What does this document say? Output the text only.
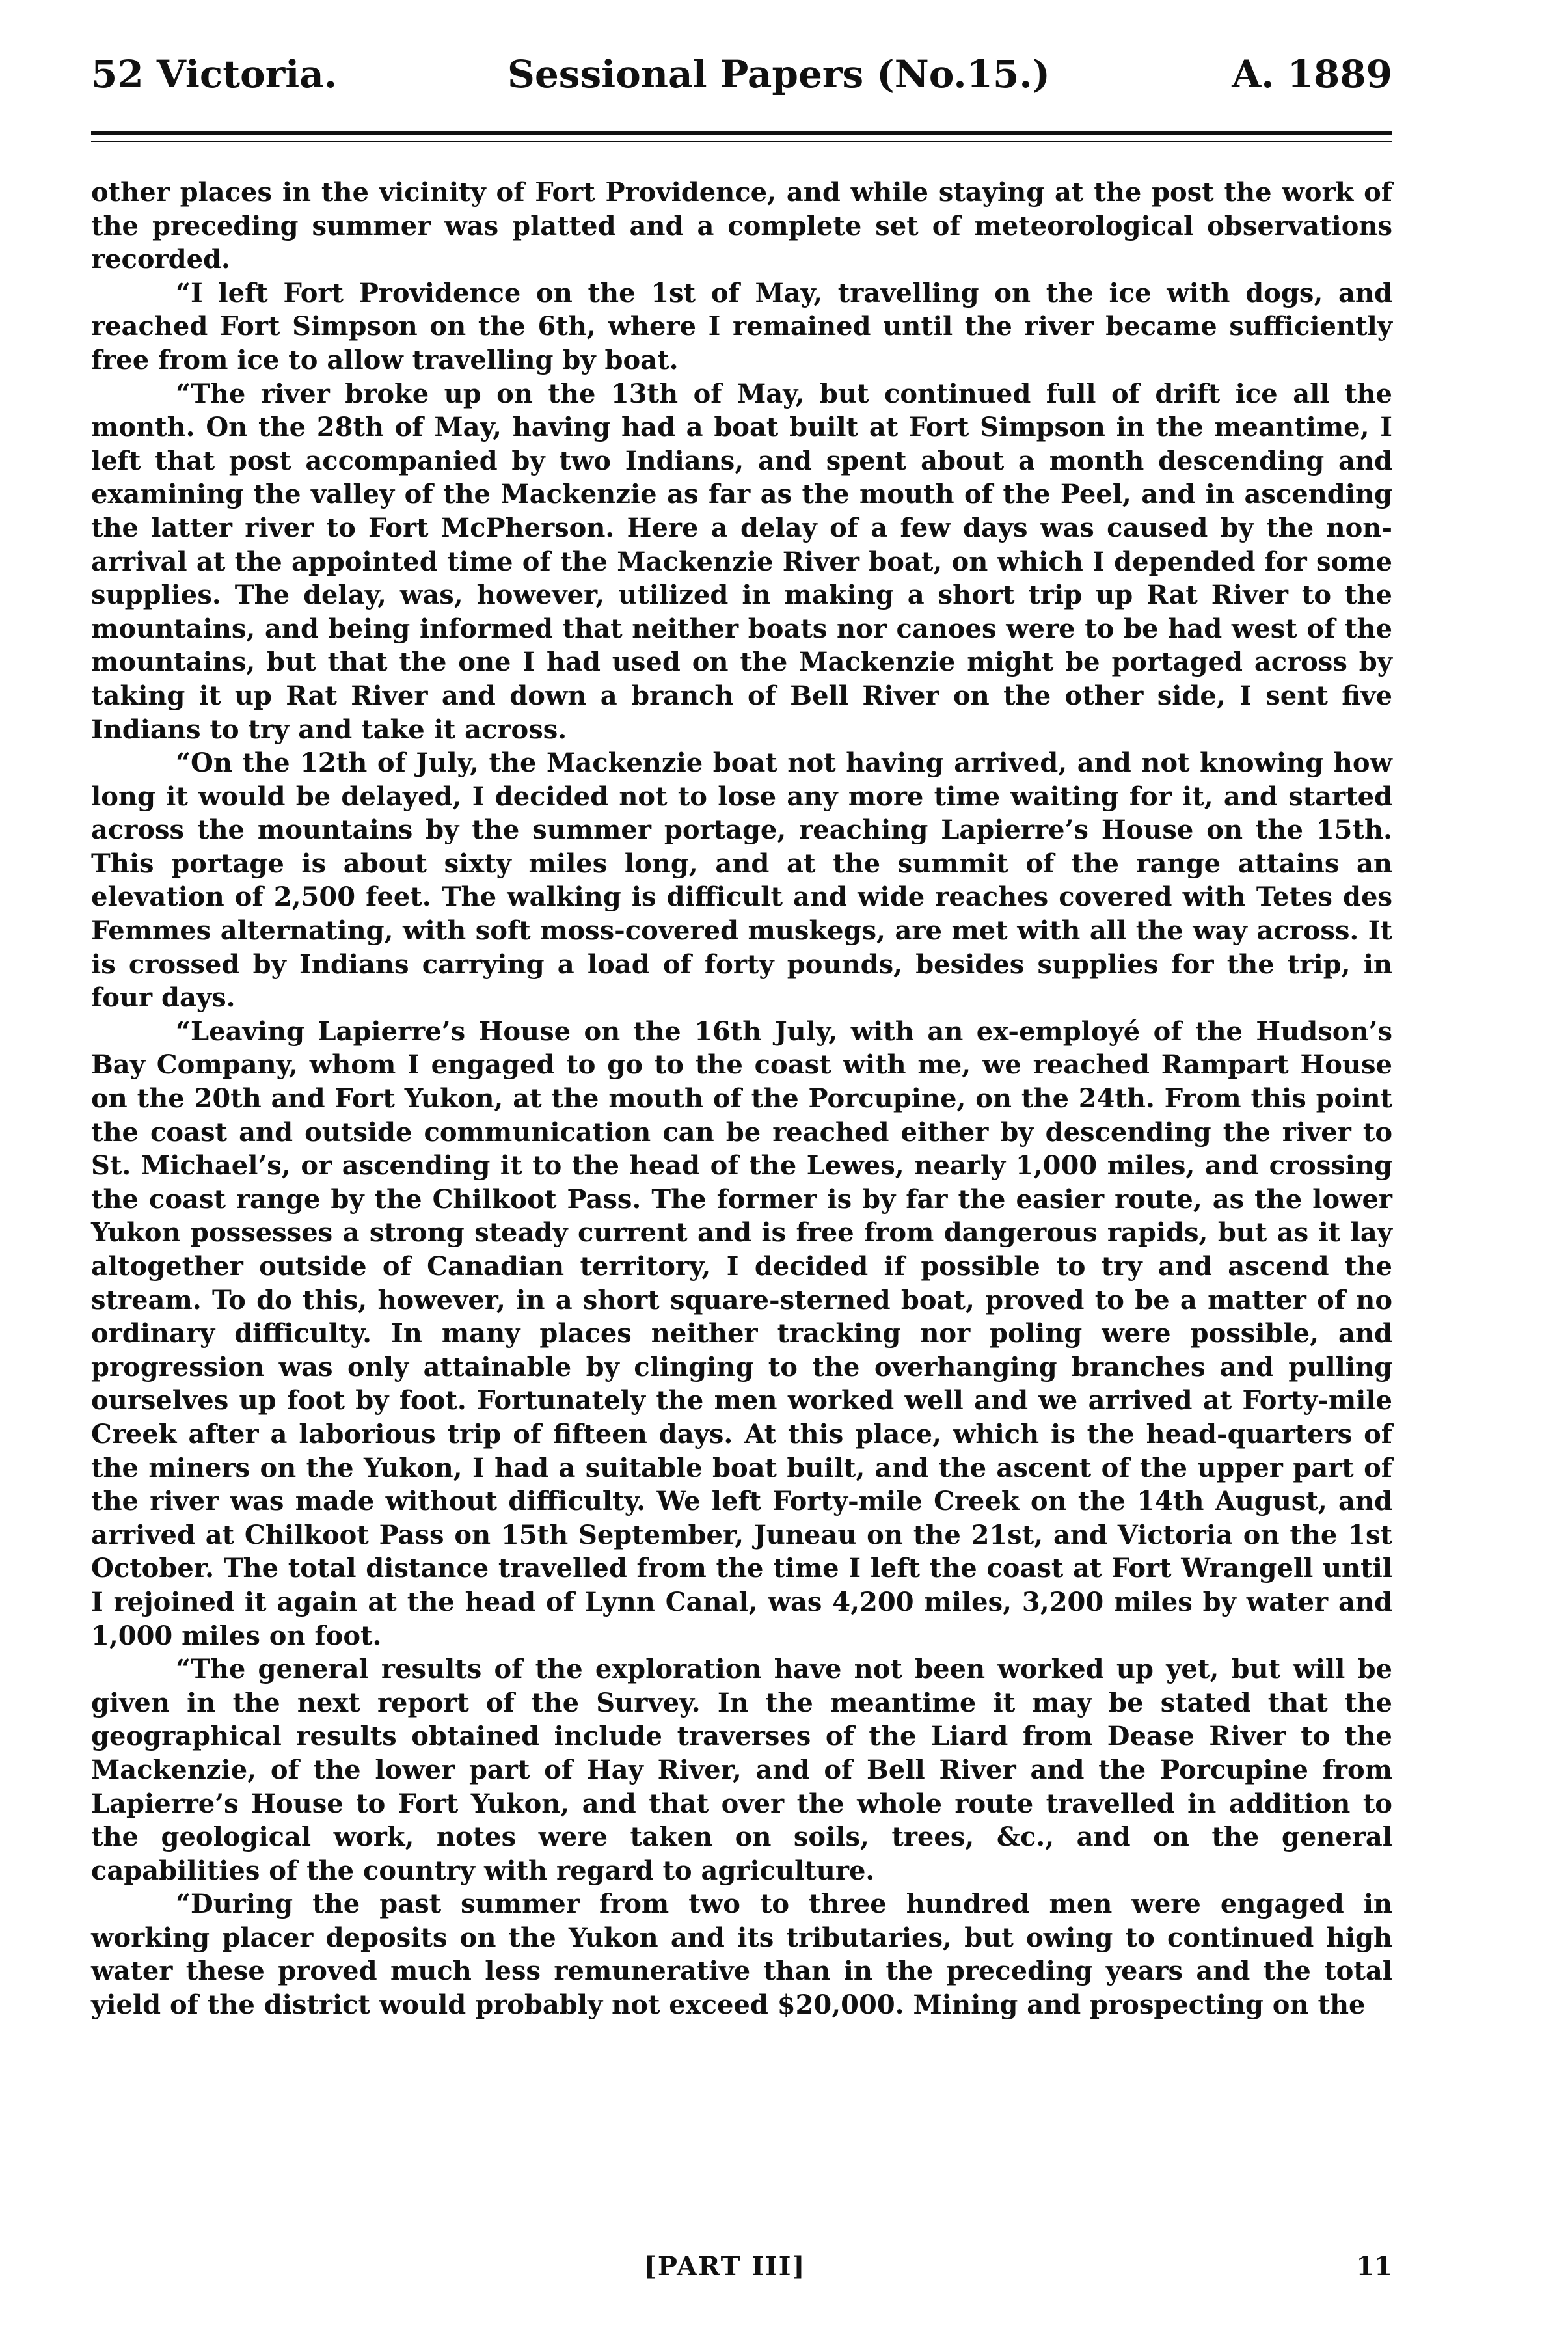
52 Victoria.	Sessional Papers (No.15.)	A. 1889

other places in the vicinity of Fort Providence, and while staying at the post the work of the preceding summer was platted and a complete set of meteorological observations recorded.

“I left Fort Providence on the 1st of May, travelling on the ice with dogs, and reached Fort Simpson on the 6th, where I remained until the river became sufficiently free from ice to allow travelling by boat.

“The river broke up on the 13th of May, but continued full of drift ice all the month. On the 28th of May, having had a boat built at Fort Simpson in the meantime, I left that post accompanied by two Indians, and spent about a month descending and examining the valley of the Mackenzie as far as the mouth of the Peel, and in ascending the latter river to Fort McPherson. Here a delay of a few days was caused by the non-arrival at the appointed time of the Mackenzie River boat, on which I depended for some supplies. The delay, was, however, utilized in making a short trip up Rat River to the mountains, and being informed that neither boats nor canoes were to be had west of the mountains, but that the one I had used on the Mackenzie might be portaged across by taking it up Rat River and down a branch of Bell River on the other side, I sent five Indians to try and take it across.

“On the 12th of July, the Mackenzie boat not having arrived, and not knowing how long it would be delayed, I decided not to lose any more time waiting for it, and started across the mountains by the summer portage, reaching Lapierre’s House on the 15th. This portage is about sixty miles long, and at the summit of the range attains an elevation of 2,500 feet. The walking is difficult and wide reaches covered with Tetes des Femmes alternating, with soft moss-covered muskegs, are met with all the way across. It is crossed by Indians carrying a load of forty pounds, besides supplies for the trip, in four days.

“Leaving Lapierre’s House on the 16th July, with an ex-employé of the Hudson’s Bay Company, whom I engaged to go to the coast with me, we reached Rampart House on the 20th and Fort Yukon, at the mouth of the Porcupine, on the 24th. From this point the coast and outside communication can be reached either by descending the river to St. Michael’s, or ascending it to the head of the Lewes, nearly 1,000 miles, and crossing the coast range by the Chilkoot Pass. The former is by far the easier route, as the lower Yukon possesses a strong steady current and is free from dangerous rapids, but as it lay altogether outside of Canadian territory, I decided if possible to try and ascend the stream. To do this, however, in a short square-sterned boat, proved to be a matter of no ordinary difficulty. In many places neither tracking nor poling were possible, and progression was only attainable by clinging to the overhanging branches and pulling ourselves up foot by foot. Fortunately the men worked well and we arrived at Forty-mile Creek after a laborious trip of fifteen days. At this place, which is the head-quarters of the miners on the Yukon, I had a suitable boat built, and the ascent of the upper part of the river was made without difficulty. We left Forty-mile Creek on the 14th August, and arrived at Chilkoot Pass on 15th September, Juneau on the 21st, and Victoria on the 1st October. The total distance travelled from the time I left the coast at Fort Wrangell until I rejoined it again at the head of Lynn Canal, was 4,200 miles, 3,200 miles by water and 1,000 miles on foot.

“The general results of the exploration have not been worked up yet, but will be given in the next report of the Survey. In the meantime it may be stated that the geographical results obtained include traverses of the Liard from Dease River to the Mackenzie, of the lower part of Hay River, and of Bell River and the Porcupine from Lapierre’s House to Fort Yukon, and that over the whole route travelled in addition to the geological work, notes were taken on soils, trees, &c., and on the general capabilities of the country with regard to agriculture.

“During the past summer from two to three hundred men were engaged in working placer deposits on the Yukon and its tributaries, but owing to continued high water these proved much less remunerative than in the preceding years and the total yield of the district would probably not exceed $20,000. Mining and prospecting on the

[PART III]	11
